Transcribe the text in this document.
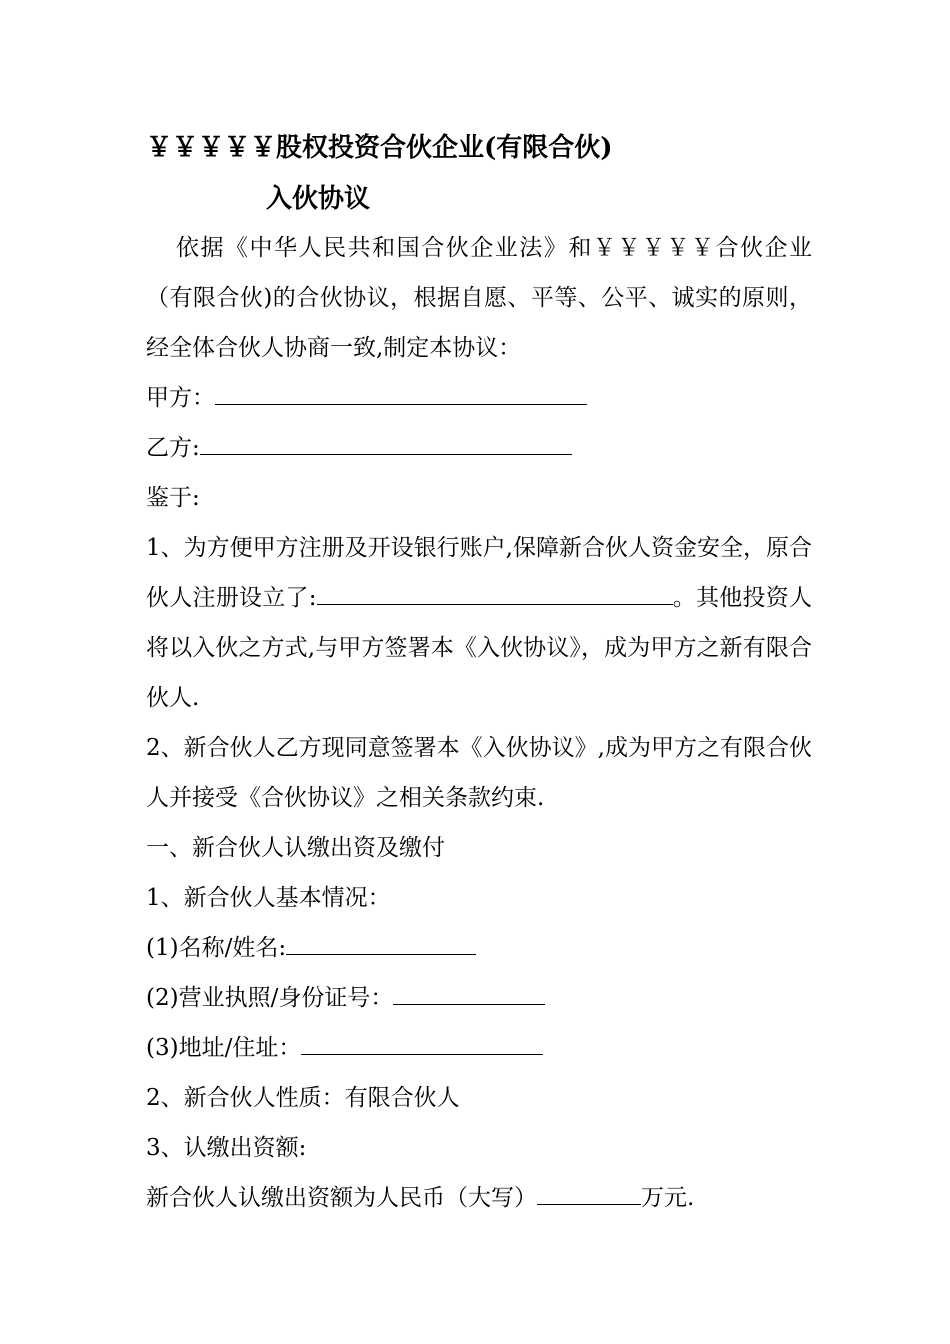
￥￥￥￥￥股权投资合伙企业(有限合伙)
入伙协议

依据《中华人民共和国合伙企业法》和￥￥￥￥￥合伙企业（有限合伙)的合伙协议，根据自愿、平等、公平、诚实的原则，经全体合伙人协商一致,制定本协议：

甲方：

乙方:

鉴于:

1、为方便甲方注册及开设银行账户,保障新合伙人资金安全，原合伙人注册设立了:	。其他投资人将以入伙之方式,与甲方签署本《入伙协议》，成为甲方之新有限合伙人.

2、新合伙人乙方现同意签署本《入伙协议》,成为甲方之有限合伙人并接受《合伙协议》之相关条款约束.

一、新合伙人认缴出资及缴付

1、新合伙人基本情况：

(1)名称/姓名:

(2)营业执照/身份证号：

(3)地址/住址：

2、新合伙人性质：有限合伙人

3、认缴出资额:

新合伙人认缴出资额为人民币（大写）	万元.
